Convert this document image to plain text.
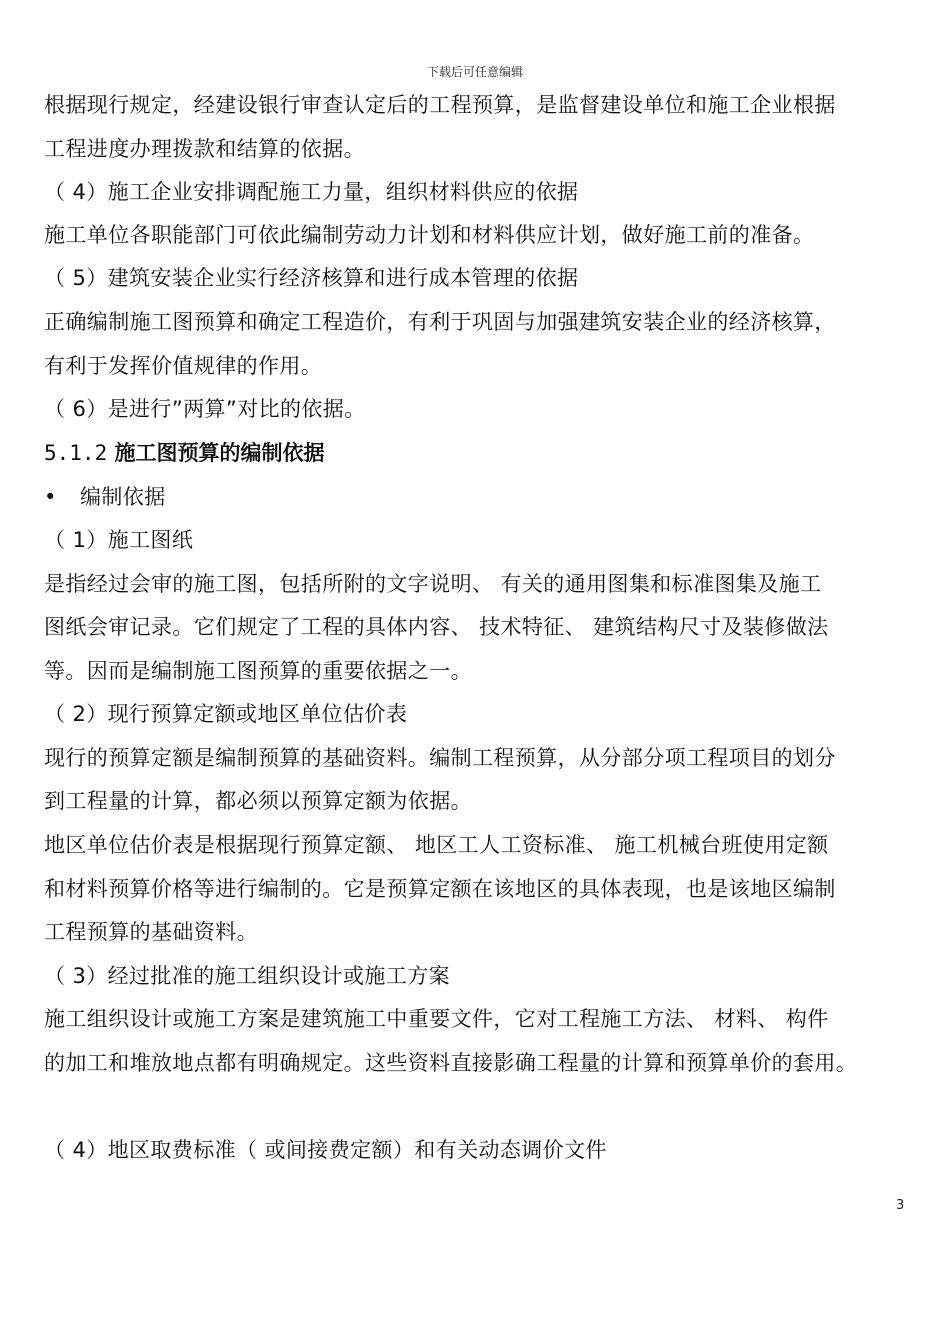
下载后可任意编辑
根据现行规定，经建设银行审查认定后的工程预算，是监督建设单位和施工企业根据
工程进度办理拨款和结算的依据。
（ 4）施工企业安排调配施工力量，组织材料供应的依据
施工单位各职能部门可依此编制劳动力计划和材料供应计划，做好施工前的准备。
（ 5）建筑安装企业实行经济核算和进行成本管理的依据
正确编制施工图预算和确定工程造价，有利于巩固与加强建筑安装企业的经济核算，
有利于发挥价值规律的作用。
（ 6）是进行”两算”对比的依据。
5.1.2 施工图预算的编制依据
• 编制依据
（ 1）施工图纸
是指经过会审的施工图，包括所附的文字说明、 有关的通用图集和标准图集及施工
图纸会审记录。它们规定了工程的具体内容、 技术特征、 建筑结构尺寸及装修做法
等。因而是编制施工图预算的重要依据之一。
（ 2）现行预算定额或地区单位估价表
现行的预算定额是编制预算的基础资料。编制工程预算，从分部分项工程项目的划分
到工程量的计算，都必须以预算定额为依据。
地区单位估价表是根据现行预算定额、 地区工人工资标准、 施工机械台班使用定额
和材料预算价格等进行编制的。它是预算定额在该地区的具体表现，也是该地区编制
工程预算的基础资料。
（ 3）经过批准的施工组织设计或施工方案
施工组织设计或施工方案是建筑施工中重要文件，它对工程施工方法、 材料、 构件
的加工和堆放地点都有明确规定。这些资料直接影确工程量的计算和预算单价的套用。
（ 4）地区取费标准（ 或间接费定额）和有关动态调价文件
3
